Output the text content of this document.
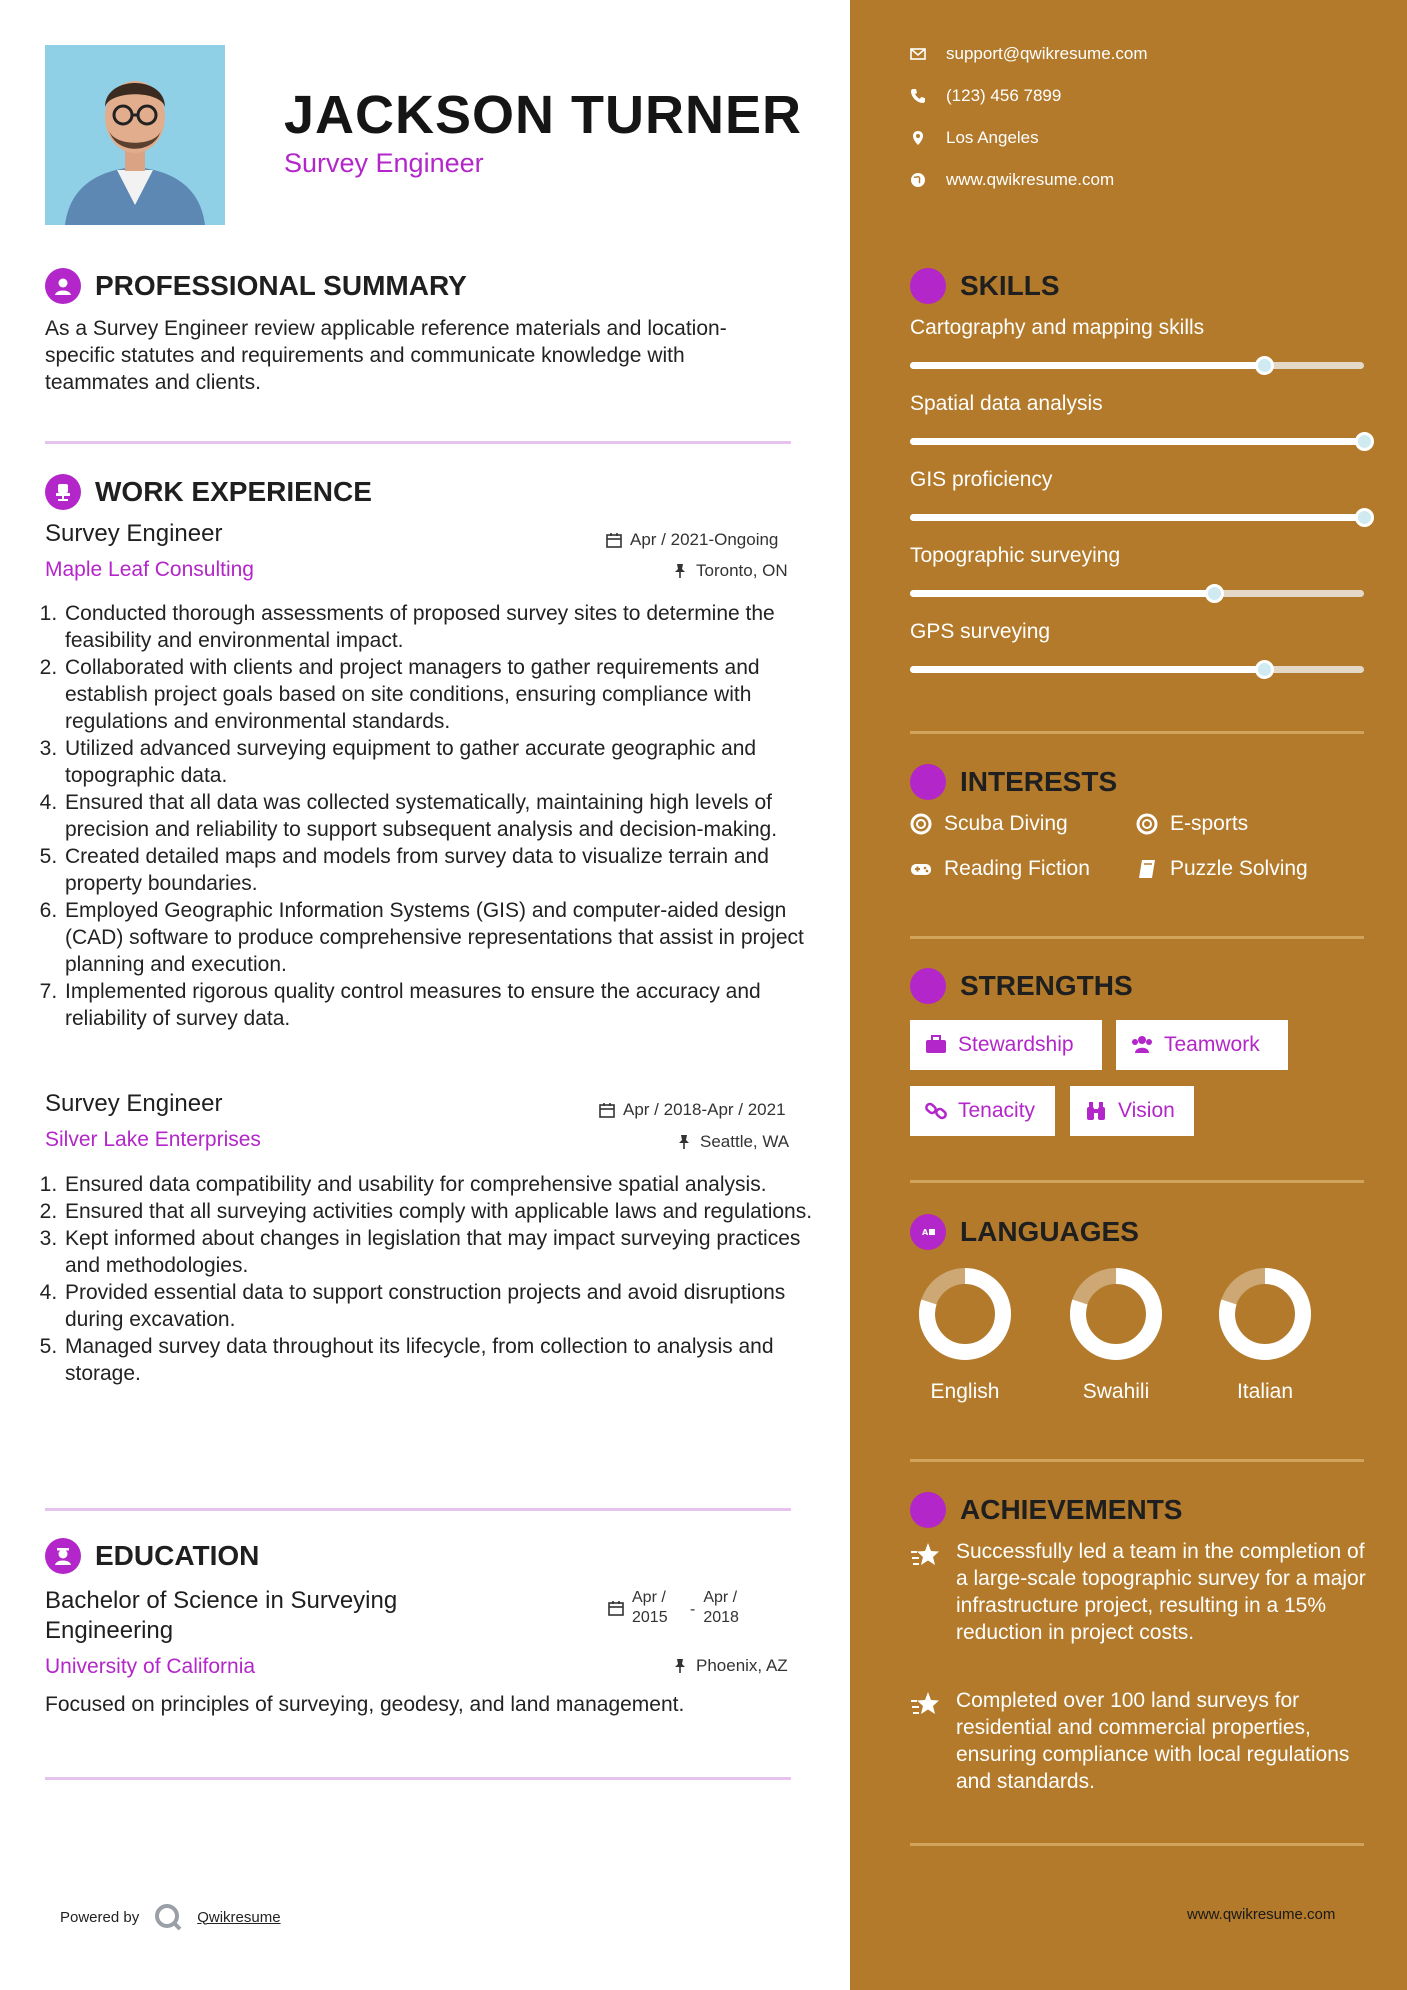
JACKSON TURNER
Survey Engineer
PROFESSIONAL SUMMARY
As a Survey Engineer review applicable reference materials and location-specific statutes and requirements and communicate knowledge with teammates and clients.
WORK EXPERIENCE
Survey Engineer	Apr / 2021-Ongoing
Maple Leaf Consulting	Toronto, ON
1. Conducted thorough assessments of proposed survey sites to determine the feasibility and environmental impact.
2. Collaborated with clients and project managers to gather requirements and establish project goals based on site conditions, ensuring compliance with regulations and environmental standards.
3. Utilized advanced surveying equipment to gather accurate geographic and topographic data.
4. Ensured that all data was collected systematically, maintaining high levels of precision and reliability to support subsequent analysis and decision-making.
5. Created detailed maps and models from survey data to visualize terrain and property boundaries.
6. Employed Geographic Information Systems (GIS) and computer-aided design (CAD) software to produce comprehensive representations that assist in project planning and execution.
7. Implemented rigorous quality control measures to ensure the accuracy and reliability of survey data.
Survey Engineer	Apr / 2018-Apr / 2021
Silver Lake Enterprises	Seattle, WA
1. Ensured data compatibility and usability for comprehensive spatial analysis.
2. Ensured that all surveying activities comply with applicable laws and regulations.
3. Kept informed about changes in legislation that may impact surveying practices and methodologies.
4. Provided essential data to support construction projects and avoid disruptions during excavation.
5. Managed survey data throughout its lifecycle, from collection to analysis and storage.
EDUCATION
Bachelor of Science in Surveying Engineering
Apr / 2015	-
Apr / 2018
University of California	Phoenix, AZ
Focused on principles of surveying, geodesy, and land management.
Powered by	Qwikresume
support@qwikresume.com
(123) 456 7899
Los Angeles
www.qwikresume.com
SKILLS
Cartography and mapping skills
Spatial data analysis
GIS proficiency
Topographic surveying
GPS surveying
INTERESTS
Scuba Diving	E-sports
Reading Fiction	Puzzle Solving
STRENGTHS
Stewardship	Teamwork
Tenacity	Vision
A LANGUAGES
English	Swahili	Italian
ACHIEVEMENTS
Successfully led a team in the completion of a large-scale topographic survey for a major infrastructure project, resulting in a 15% reduction in project costs.
Completed over 100 land surveys for residential and commercial properties, ensuring compliance with local regulations and standards.
www.qwikresume.com
